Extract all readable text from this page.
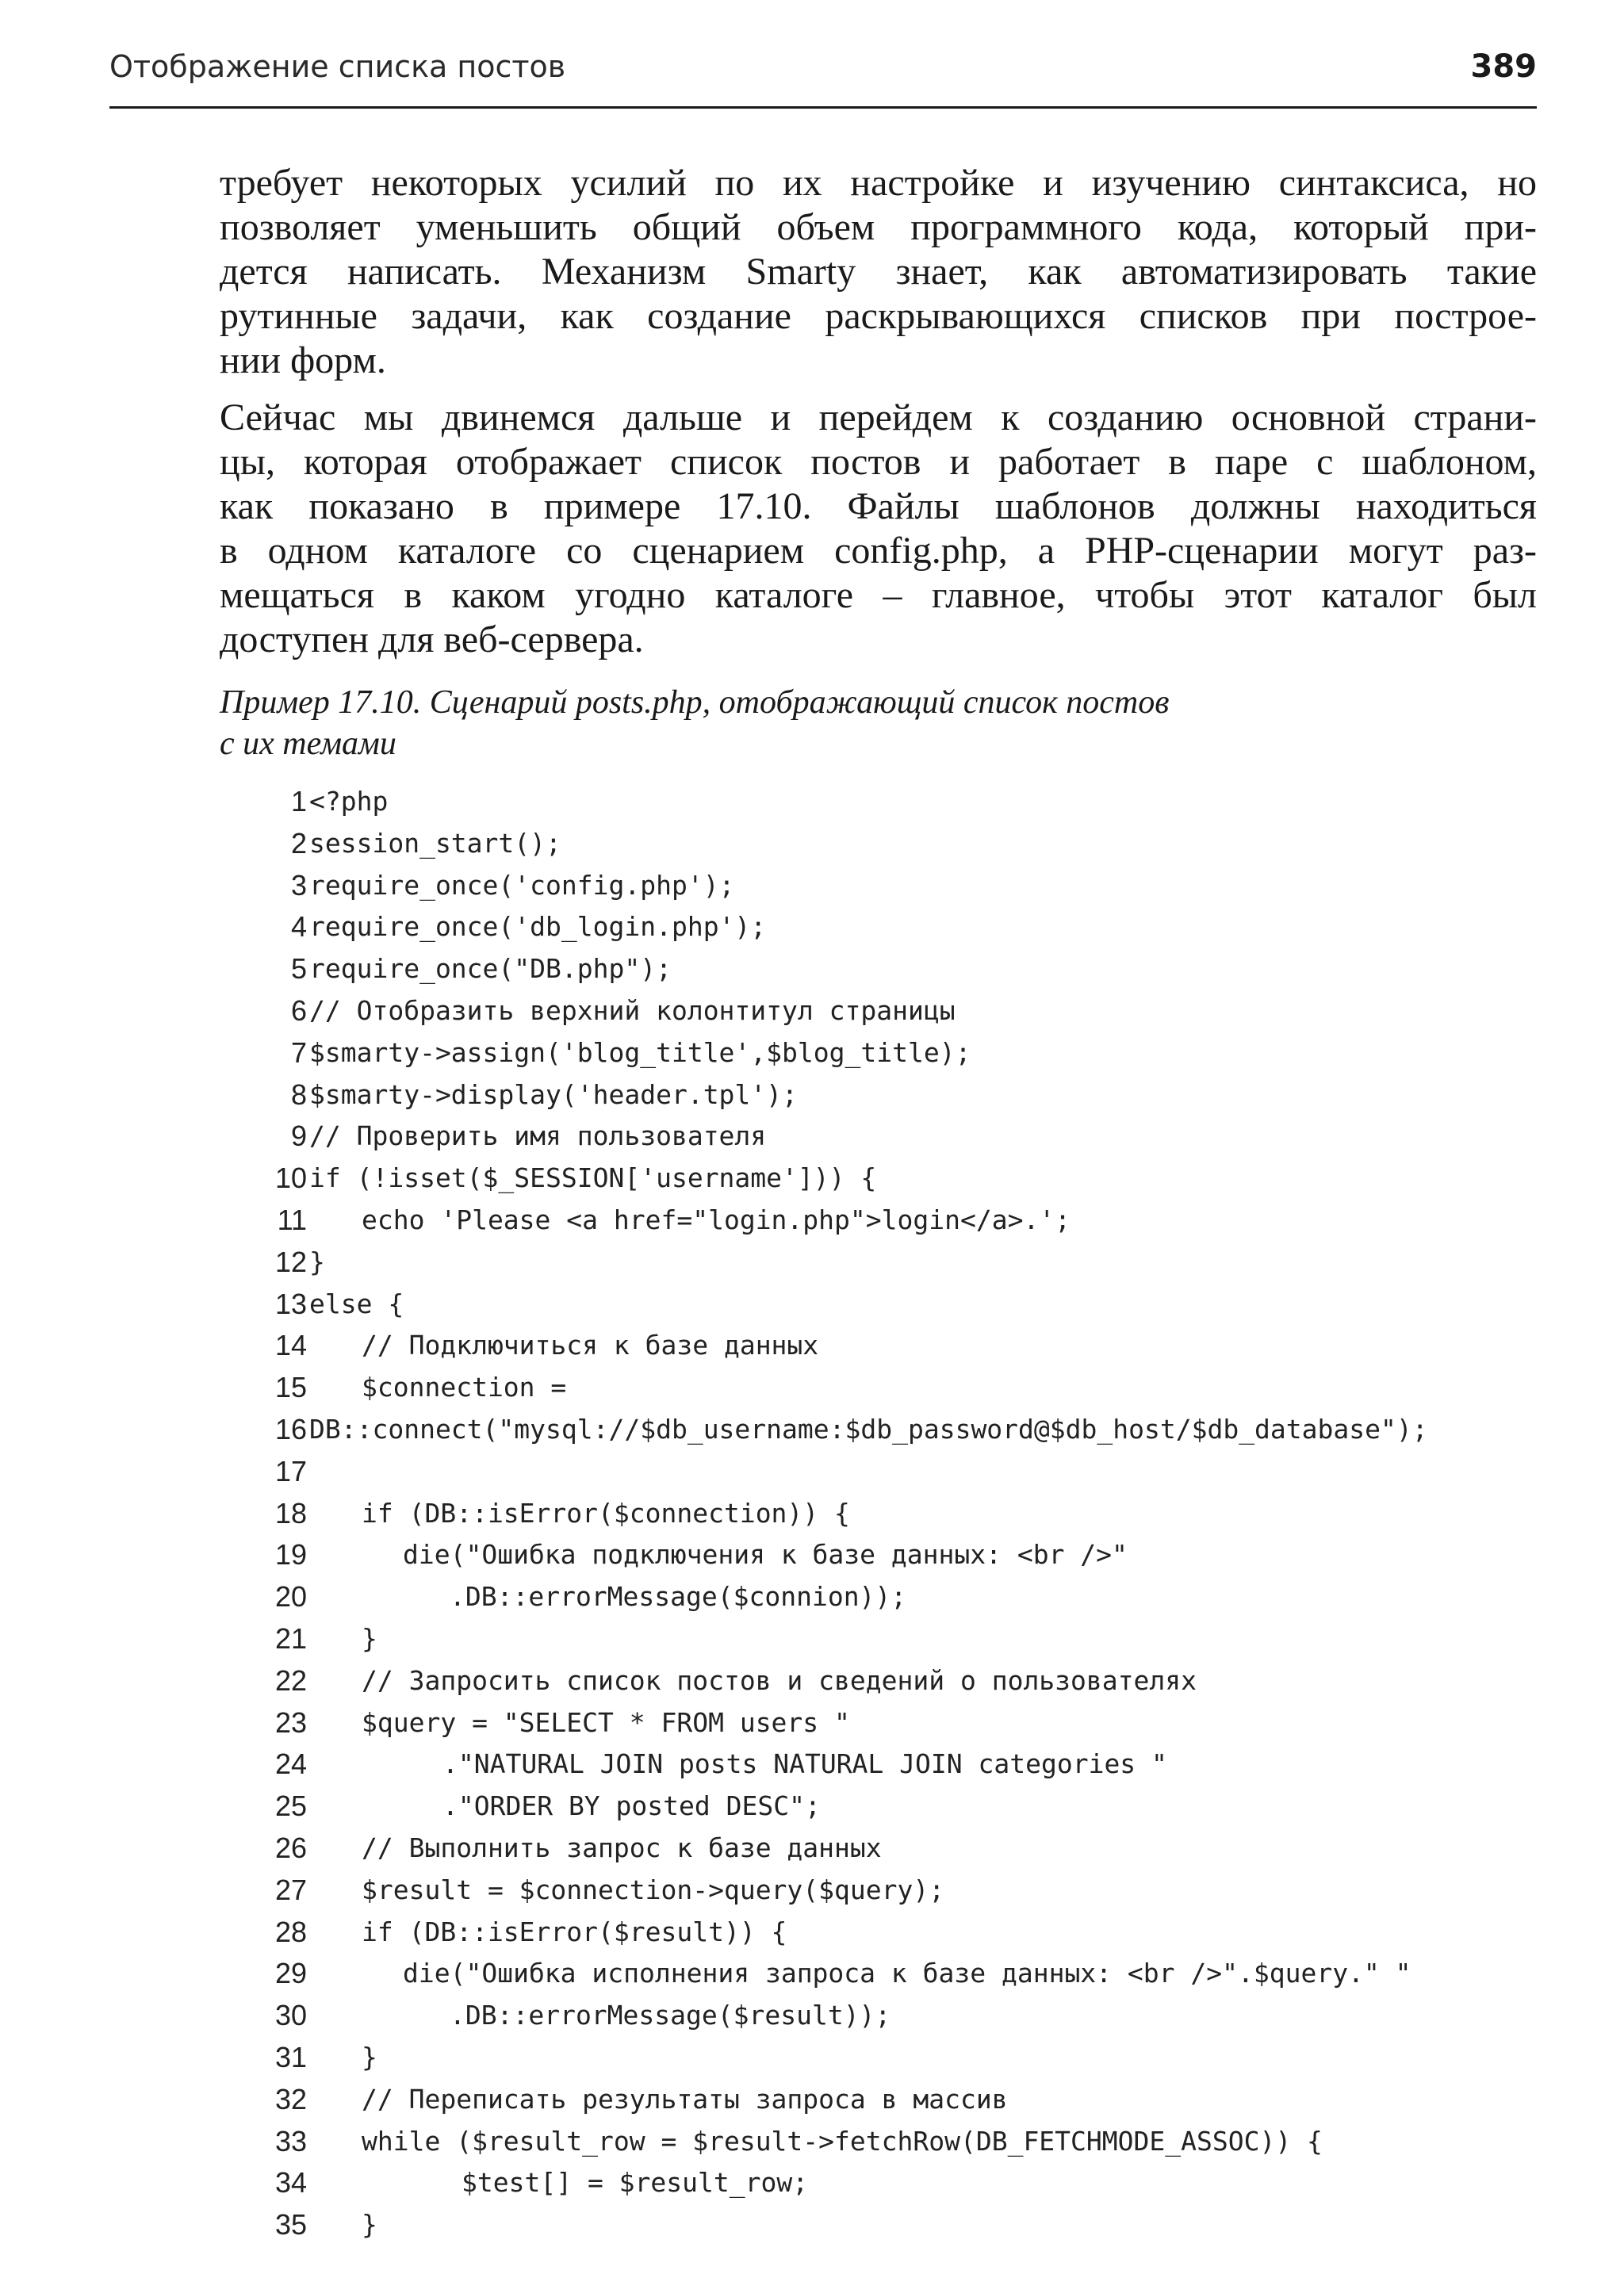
Отображение списка постов	389

требует некоторых усилий по их настройке и изучению синтаксиса, но
позволяет уменьшить общий объем программного кода, который при-
дется написать. Механизм Smarty знает, как автоматизировать такие
рутинные задачи, как создание раскрывающихся списков при построе-
нии форм.

Сейчас мы двинемся дальше и перейдем к созданию основной страни-
цы, которая отображает список постов и работает в паре с шаблоном,
как показано в примере 17.10. Файлы шаблонов должны находиться
в одном каталоге со сценарием config.php, а PHP-сценарии могут раз-
мещаться в каком угодно каталоге – главное, чтобы этот каталог был
доступен для веб-сервера.

Пример 17.10. Сценарий posts.php, отображающий список постов
с их темами
1 <?php
2 session_start();
3 require_once('config.php');
4 require_once('db_login.php');
5 require_once("DB.php");
6 // Отобразить верхний колонтитул страницы
7 $smarty->assign('blog_title',$blog_title);
8 $smarty->display('header.tpl');
9 // Проверить имя пользователя
10 if (!isset($_SESSION['username'])) {
11 echo 'Please <a href="login.php">login</a>.';
12 }
13 else {
14 // Подключиться к базе данных
15 $connection =
16 DB::connect("mysql://$db_username:$db_password@$db_host/$db_database");
17
18 if (DB::isError($connection)) {
19	die("Ошибка подключения к базе данных: <br />"
20	.DB::errorMessage($connion));
21 }
22 // Запросить список постов и сведений о пользователях
23 $query = "SELECT * FROM users "
24	."NATURAL JOIN posts NATURAL JOIN categories "
25	."ORDER BY posted DESC";
26 // Выполнить запрос к базе данных
27 $result = $connection->query($query);
28 if (DB::isError($result)) {
29	die("Ошибка исполнения запроса к базе данных: <br />".$query." "
30	.DB::errorMessage($result));
31 }
32 // Переписать результаты запроса в массив
33 while ($result_row = $result->fetchRow(DB_FETCHMODE_ASSOC)) {
34	$test[] = $result_row;
35 }
